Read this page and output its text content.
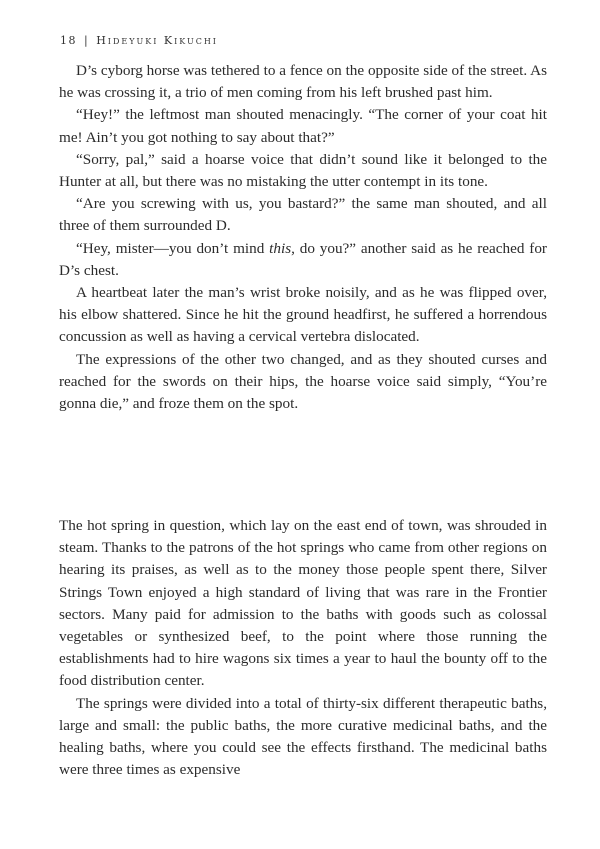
18 | Hideyuki Kikuchi

D’s cyborg horse was tethered to a fence on the opposite side of the street. As he was crossing it, a trio of men coming from his left brushed past him.

“Hey!” the leftmost man shouted menacingly. “The corner of your coat hit me! Ain’t you got nothing to say about that?”

“Sorry, pal,” said a hoarse voice that didn’t sound like it belonged to the Hunter at all, but there was no mistaking the utter contempt in its tone.

“Are you screwing with us, you bastard?” the same man shouted, and all three of them surrounded D.

“Hey, mister—you don’t mind this, do you?” another said as he reached for D’s chest.

A heartbeat later the man’s wrist broke noisily, and as he was flipped over, his elbow shattered. Since he hit the ground headfirst, he suffered a horrendous concussion as well as having a cervical vertebra dislocated.

The expressions of the other two changed, and as they shouted curses and reached for the swords on their hips, the hoarse voice said simply, “You’re gonna die,” and froze them on the spot.

The hot spring in question, which lay on the east end of town, was shrouded in steam. Thanks to the patrons of the hot springs who came from other regions on hearing its praises, as well as to the money those people spent there, Silver Strings Town enjoyed a high standard of living that was rare in the Frontier sectors. Many paid for admission to the baths with goods such as colossal vegetables or synthesized beef, to the point where those running the establishments had to hire wagons six times a year to haul the bounty off to the food distribution center.

The springs were divided into a total of thirty-six different therapeutic baths, large and small: the public baths, the more curative medicinal baths, and the healing baths, where you could see the effects firsthand. The medicinal baths were three times as expensive
